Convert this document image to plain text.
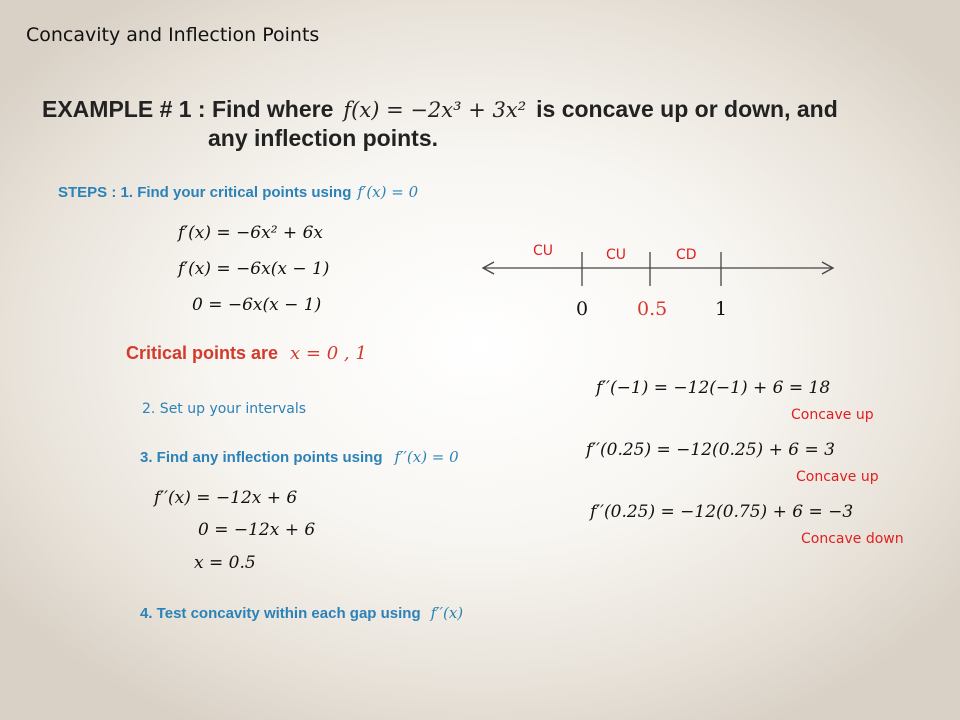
Concavity and Inflection Points
EXAMPLE # 1 : Find where f(x) = −2x³ + 3x² is concave up or down, and
any inflection points.
STEPS : 1. Find your critical points using f′(x) = 0
f′(x) = −6x² + 6x
f′(x) = −6x(x − 1)
0 = −6x(x − 1)
Critical points are x = 0 , 1
2. Set up your intervals
3. Find any inflection points using f′′(x) = 0
f′′(x) = −12x + 6
0 = −12x + 6
x = 0.5
4. Test concavity within each gap using f′′(x)
CU	CU	CD
0	0.5	1
f′′(−1) = −12(−1) + 6 = 18
Concave up
f′′(0.25) = −12(0.25) + 6 = 3
Concave up
f′′(0.25) = −12(0.75) + 6 = −3
Concave down
